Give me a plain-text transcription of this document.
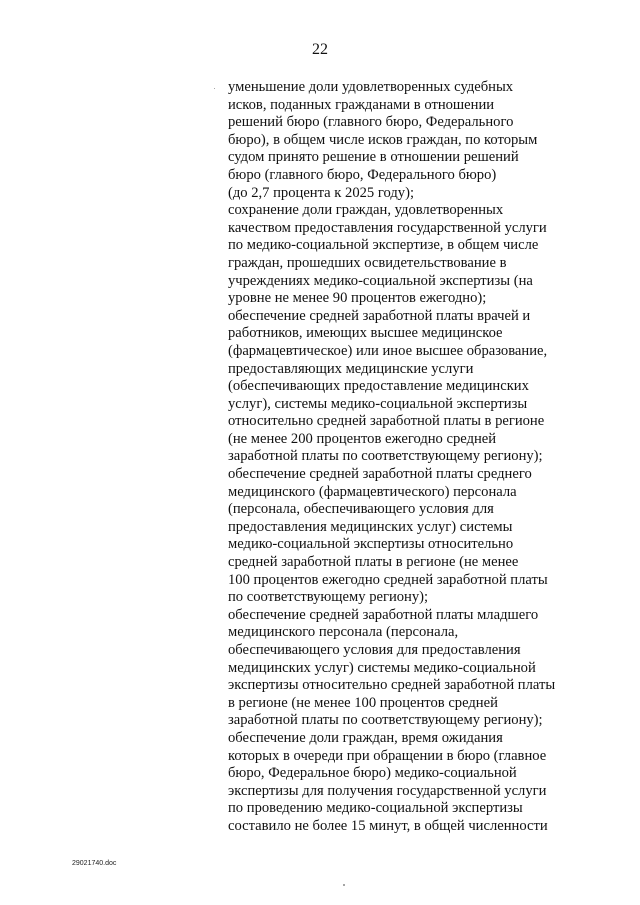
22
уменьшение доли удовлетворенных судебных
исков, поданных гражданами в отношении
решений бюро (главного бюро, Федерального
бюро), в общем числе исков граждан, по которым
судом принято решение в отношении решений
бюро (главного бюро, Федерального бюро)
(до 2,7 процента к 2025 году);
сохранение доли граждан, удовлетворенных
качеством предоставления государственной услуги
по медико-социальной экспертизе, в общем числе
граждан, прошедших освидетельствование в
учреждениях медико-социальной экспертизы (на
уровне не менее 90 процентов ежегодно);
обеспечение средней заработной платы врачей и
работников, имеющих высшее медицинское
(фармацевтическое) или иное высшее образование,
предоставляющих медицинские услуги
(обеспечивающих предоставление медицинских
услуг), системы медико-социальной экспертизы
относительно средней заработной платы в регионе
(не менее 200 процентов ежегодно средней
заработной платы по соответствующему региону);
обеспечение средней заработной платы среднего
медицинского (фармацевтического) персонала
(персонала, обеспечивающего условия для
предоставления медицинских услуг) системы
медико-социальной экспертизы относительно
средней заработной платы в регионе (не менее
100 процентов ежегодно средней заработной платы
по соответствующему региону);
обеспечение средней заработной платы младшего
медицинского персонала (персонала,
обеспечивающего условия для предоставления
медицинских услуг) системы медико-социальной
экспертизы относительно средней заработной платы
в регионе (не менее 100 процентов средней
заработной платы по соответствующему региону);
обеспечение доли граждан, время ожидания
которых в очереди при обращении в бюро (главное
бюро, Федеральное бюро) медико-социальной
экспертизы для получения государственной услуги
по проведению медико-социальной экспертизы
составило не более 15 минут, в общей численности
29021740.doc
